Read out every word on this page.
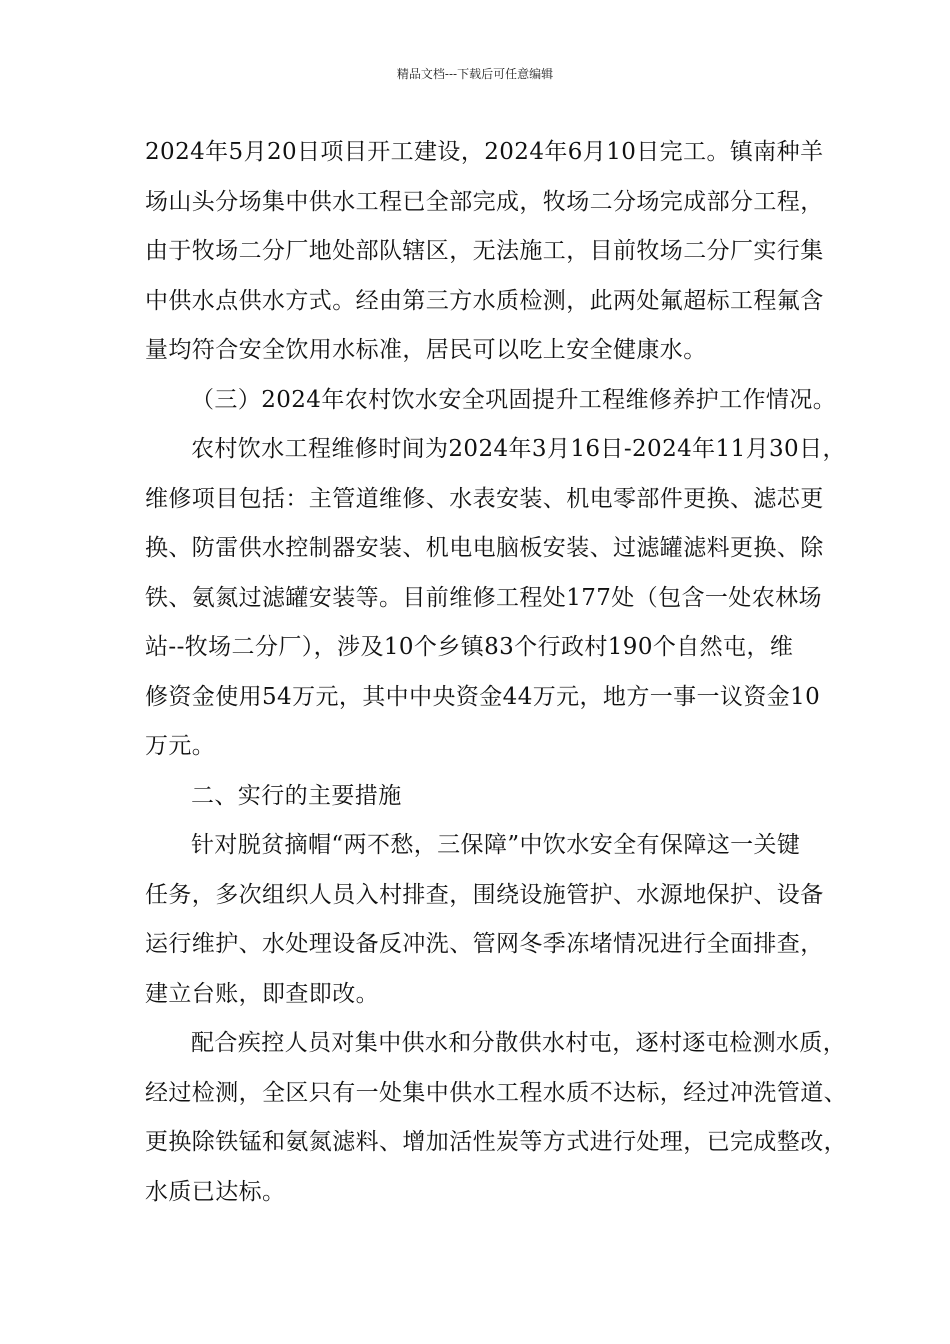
精品文档---下载后可任意编辑
2024年5月20日项目开工建设，2024年6月10日完工。镇南种羊
场山头分场集中供水工程已全部完成，牧场二分场完成部分工程，
由于牧场二分厂地处部队辖区，无法施工，目前牧场二分厂实行集
中供水点供水方式。经由第三方水质检测，此两处氟超标工程氟含
量均符合安全饮用水标准，居民可以吃上安全健康水。
（三）2024年农村饮水安全巩固提升工程维修养护工作情况。
农村饮水工程维修时间为2024年3月16日-2024年11月30日，
维修项目包括：主管道维修、水表安装、机电零部件更换、滤芯更
换、防雷供水控制器安装、机电电脑板安装、过滤罐滤料更换、除
铁、氨氮过滤罐安装等。目前维修工程处177处（包含一处农林场
站--牧场二分厂），涉及10个乡镇83个行政村190个自然屯，维
修资金使用54万元，其中中央资金44万元，地方一事一议资金10
万元。
二、实行的主要措施
针对脱贫摘帽“两不愁，三保障”中饮水安全有保障这一关键
任务，多次组织人员入村排查，围绕设施管护、水源地保护、设备
运行维护、水处理设备反冲洗、管网冬季冻堵情况进行全面排查，
建立台账，即查即改。
配合疾控人员对集中供水和分散供水村屯，逐村逐屯检测水质，
经过检测，全区只有一处集中供水工程水质不达标，经过冲洗管道、
更换除铁锰和氨氮滤料、增加活性炭等方式进行处理，已完成整改，
水质已达标。
